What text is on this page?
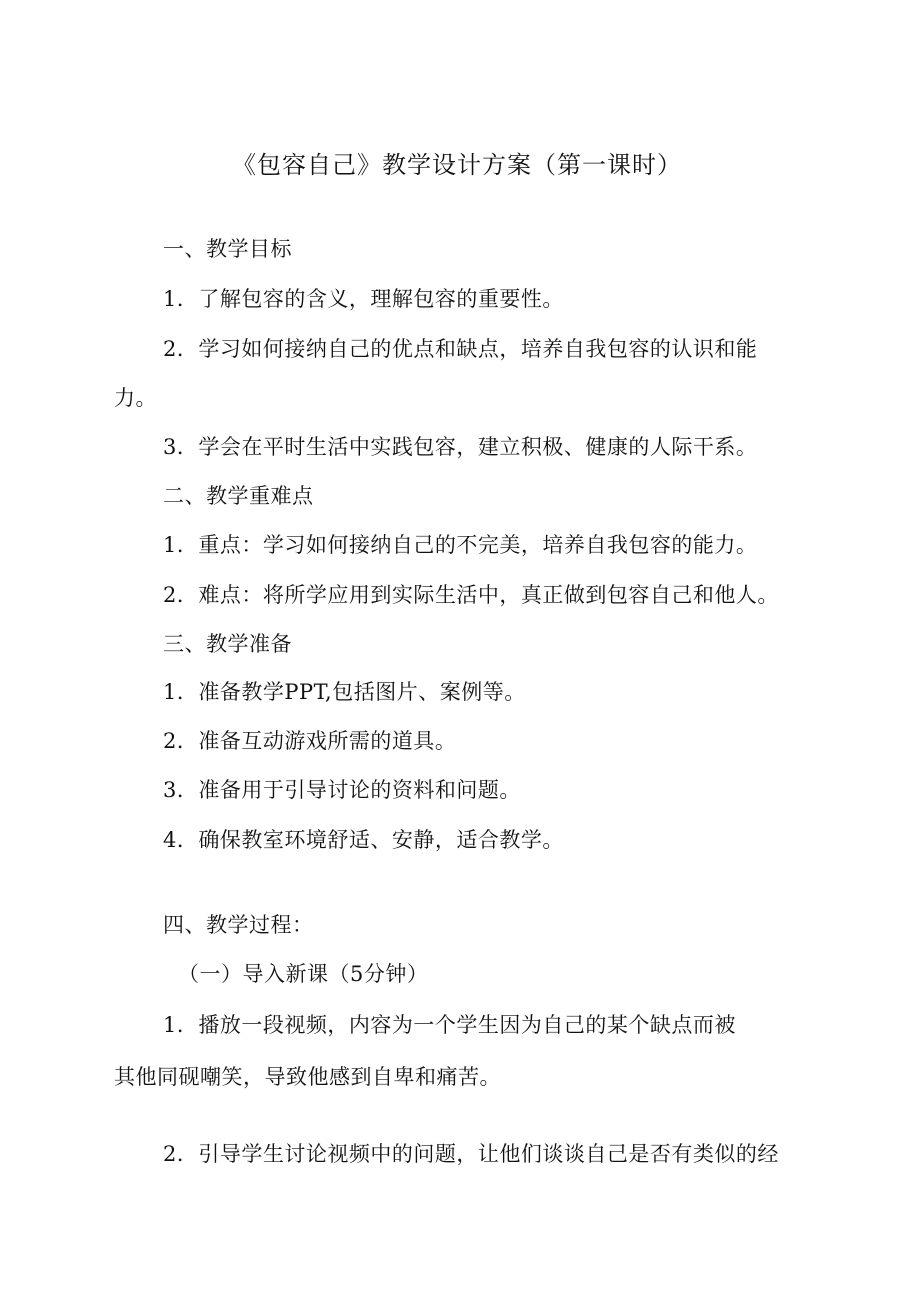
《包容自己》教学设计方案（第一课时）
一、教学目标
1．了解包容的含义，理解包容的重要性。
2．学习如何接纳自己的优点和缺点，培养自我包容的认识和能
力。
3．学会在平时生活中实践包容，建立积极、健康的人际干系。
二、教学重难点
1．重点：学习如何接纳自己的不完美，培养自我包容的能力。
2．难点：将所学应用到实际生活中，真正做到包容自己和他人。
三、教学准备
1．准备教学PPT,包括图片、案例等。
2．准备互动游戏所需的道具。
3．准备用于引导讨论的资料和问题。
4．确保教室环境舒适、安静，适合教学。
四、教学过程：
（一）导入新课（5分钟）
1．播放一段视频，内容为一个学生因为自己的某个缺点而被
其他同砚嘲笑，导致他感到自卑和痛苦。
2．引导学生讨论视频中的问题，让他们谈谈自己是否有类似的经
